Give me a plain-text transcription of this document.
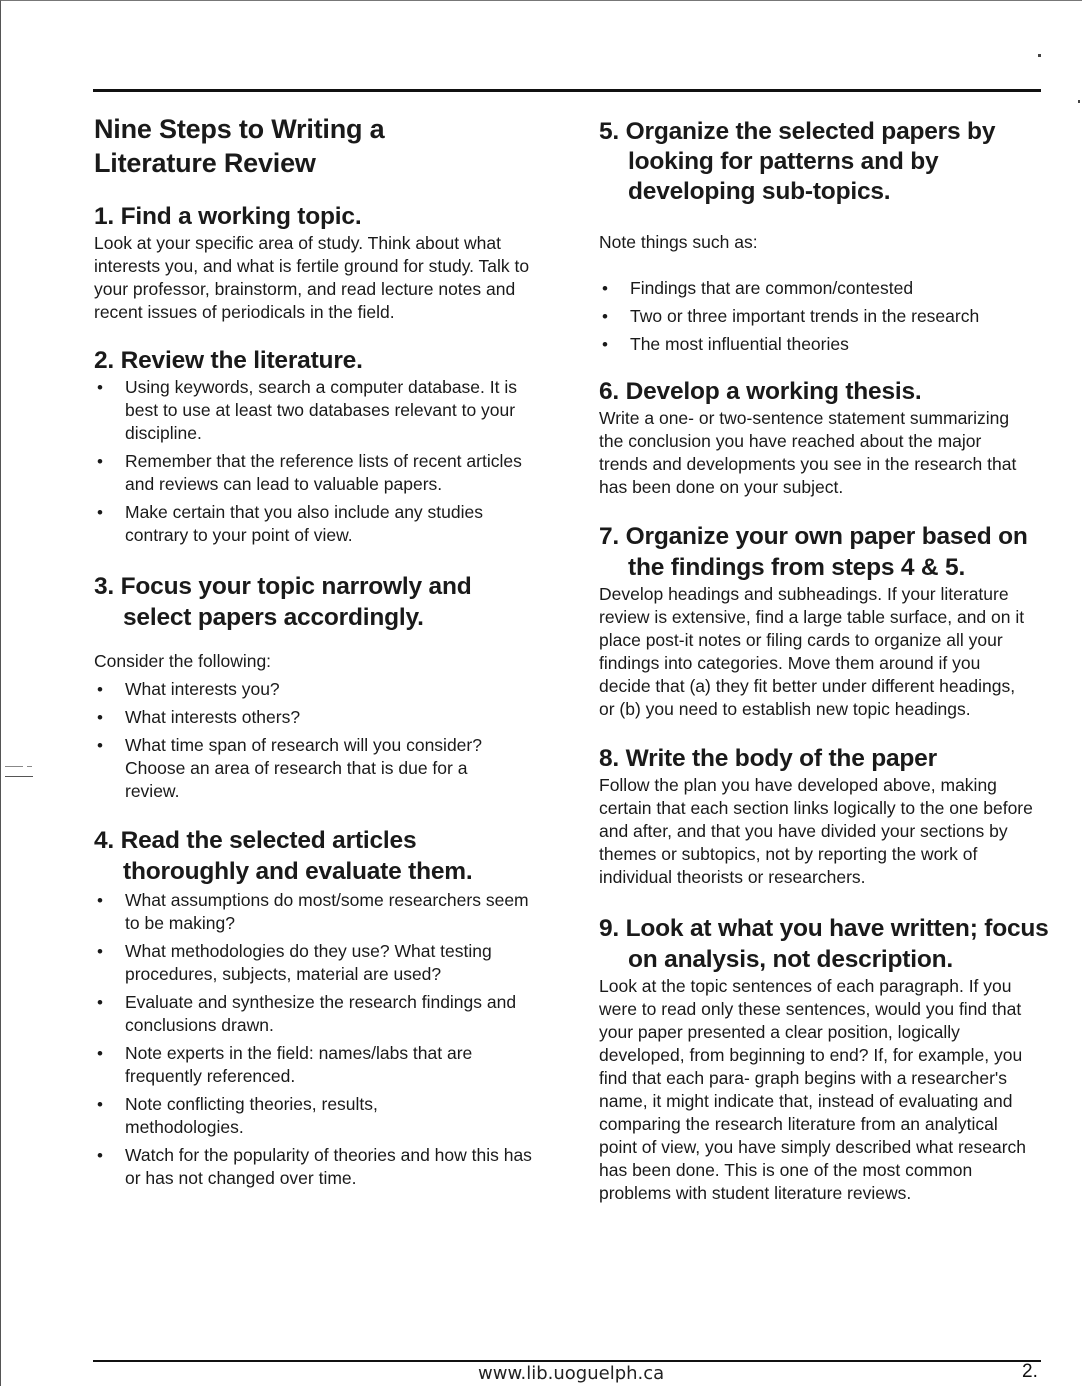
Nine Steps to Writing a Literature Review
1. Find a working topic.

Look at your specific area of study. Think about what interests you, and what is fertile ground for study. Talk to your professor, brainstorm, and read lecture notes and recent issues of periodicals in the field.

2. Review the literature.
• Using keywords, search a computer database. It is best to use at least two databases relevant to your discipline.
• Remember that the reference lists of recent articles and reviews can lead to valuable papers.
• Make certain that you also include any studies contrary to your point of view.
3. Focus your topic narrowly and select papers accordingly.

Consider the following:

• What interests you?
• What interests others?
• What time span of research will you consider? Choose an area of research that is due for a review.
4. Read the selected articles thoroughly and evaluate them.
• What assumptions do most/some researchers seem to be making?
• What methodologies do they use? What testing procedures, subjects, material are used?
• Evaluate and synthesize the research findings and conclusions drawn.
• Note experts in the field: names/labs that are frequently referenced.
• Note conflicting theories, results, methodologies.
• Watch for the popularity of theories and how this has or has not changed over time.
5. Organize the selected papers by looking for patterns and by developing sub-topics.

Note things such as:

• Findings that are common/contested
• Two or three important trends in the research
• The most influential theories
6. Develop a working thesis.

Write a one- or two-sentence statement summarizing the conclusion you have reached about the major trends and developments you see in the research that has been done on your subject.

7. Organize your own paper based on the findings from steps 4 & 5.

Develop headings and subheadings. If your literature review is extensive, find a large table surface, and on it place post-it notes or filing cards to organize all your findings into categories. Move them around if you decide that (a) they fit better under different headings, or (b) you need to establish new topic headings.

8. Write the body of the paper

Follow the plan you have developed above, making certain that each section links logically to the one before and after, and that you have divided your sections by themes or subtopics, not by reporting the work of individual theorists or researchers.

9. Look at what you have written; focus on analysis, not description.

Look at the topic sentences of each paragraph. If you were to read only these sentences, would you find that your paper presented a clear position, logically developed, from beginning to end? If, for example, you find that each para- graph begins with a researcher's name, it might indicate that, instead of evaluating and comparing the research literature from an analytical point of view, you have simply described what research has been done. This is one of the most common problems with student literature reviews.

www.lib.uoguelph.ca	2.
